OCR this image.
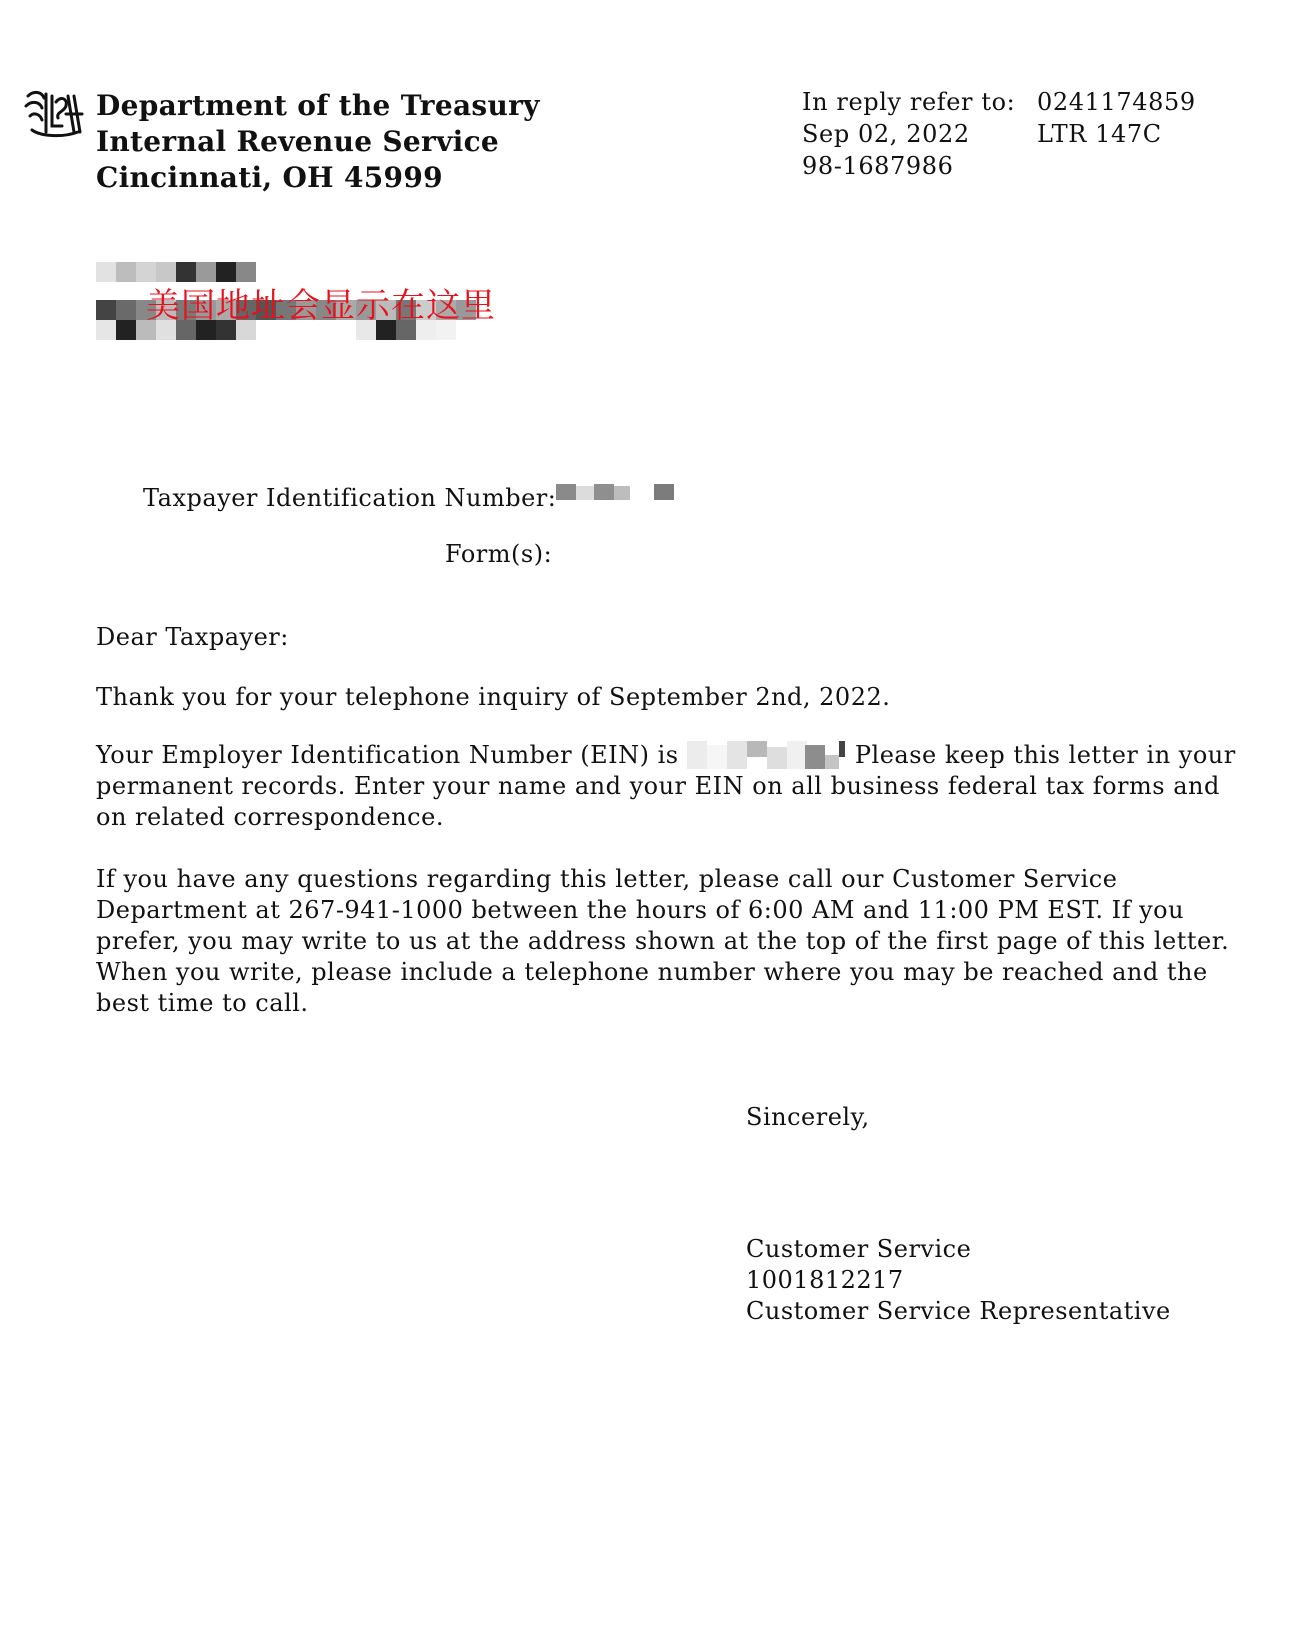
Department of the Treasury
Internal Revenue Service
Cincinnati, OH 45999
In reply refer to: 0241174859
Sep 02, 2022	LTR 147C
98-1687986
美国地址会显示在这里
Taxpayer Identification Number:
Form(s):
Dear Taxpayer:
Thank you for your telephone inquiry of September 2nd, 2022.
Your Employer Identification Number (EIN) is	Please keep this letter in your
permanent records. Enter your name and your EIN on all business federal tax forms and
on related correspondence.
If you have any questions regarding this letter, please call our Customer Service
Department at 267-941-1000 between the hours of 6:00 AM and 11:00 PM EST. If you
prefer, you may write to us at the address shown at the top of the first page of this letter.
When you write, please include a telephone number where you may be reached and the
best time to call.
Sincerely,
Customer Service
1001812217
Customer Service Representative
